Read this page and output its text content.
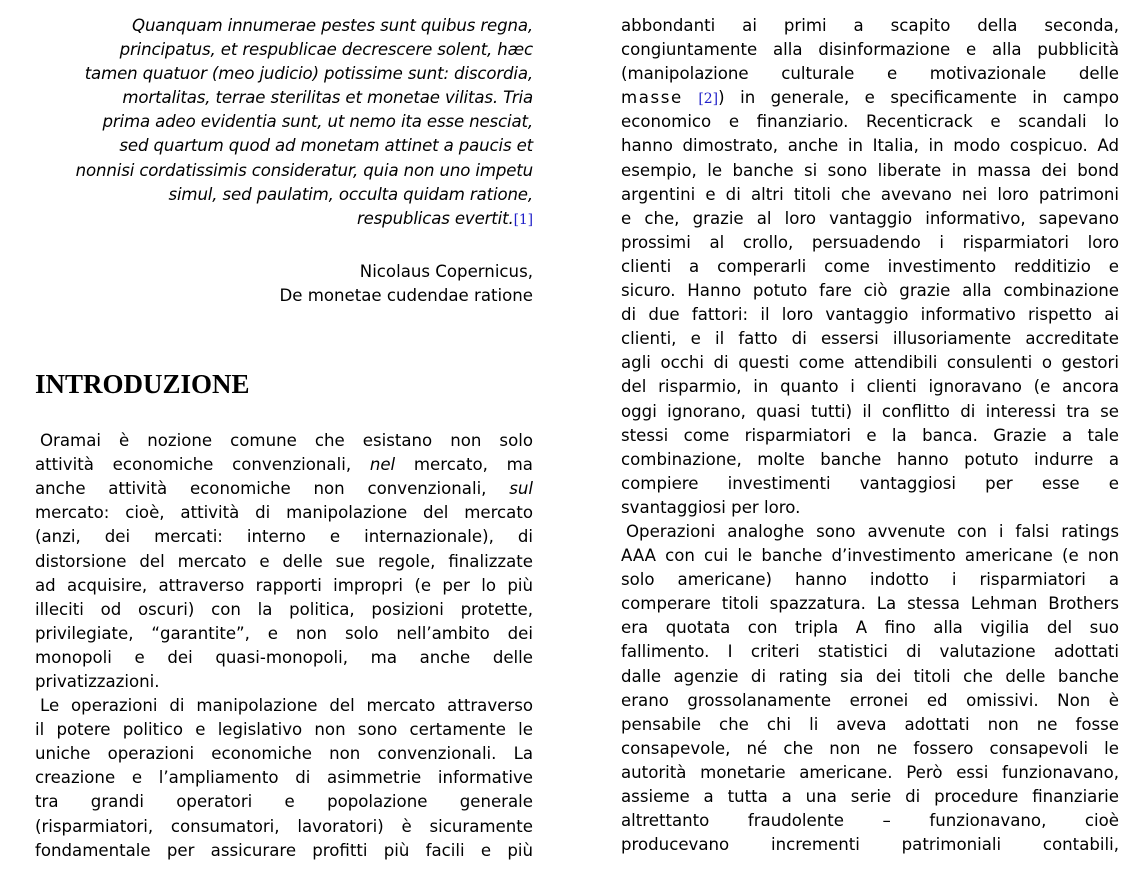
Quanquam innumerae pestes sunt quibus regna,
principatus, et respublicae decrescere solent, hæc
tamen quatuor (meo judicio) potissime sunt: discordia,
mortalitas, terrae sterilitas et monetae vilitas. Tria
prima adeo evidentia sunt, ut nemo ita esse nesciat,
sed quartum quod ad monetam attinet a paucis et
nonnisi cordatissimis consideratur, quia non uno impetu
simul, sed paulatim, occulta quidam ratione,
respublicas evertit.[1]
Nicolaus Copernicus,
De monetae cudendae ratione
INTRODUZIONE
Oramai è nozione comune che esistano non solo
attività economiche convenzionali, nel mercato, ma
anche attività economiche non convenzionali, sul
mercato: cioè, attività di manipolazione del mercato
(anzi, dei mercati: interno e internazionale), di
distorsione del mercato e delle sue regole, finalizzate
ad acquisire, attraverso rapporti impropri (e per lo più
illeciti od oscuri) con la politica, posizioni protette,
privilegiate, “garantite”, e non solo nell’ambito dei
monopoli e dei quasi-monopoli, ma anche delle
privatizzazioni.
Le operazioni di manipolazione del mercato attraverso
il potere politico e legislativo non sono certamente le
uniche operazioni economiche non convenzionali. La
creazione e l’ampliamento di asimmetrie informative
tra grandi operatori e popolazione generale
(risparmiatori, consumatori, lavoratori) è sicuramente
fondamentale per assicurare profitti più facili e più
abbondanti ai primi a scapito della seconda,
congiuntamente alla disinformazione e alla pubblicità
(manipolazione culturale e motivazionale delle
masse [2]) in generale, e specificamente in campo
economico e finanziario. Recenticrack e scandali lo
hanno dimostrato, anche in Italia, in modo cospicuo. Ad
esempio, le banche si sono liberate in massa dei bond
argentini e di altri titoli che avevano nei loro patrimoni
e che, grazie al loro vantaggio informativo, sapevano
prossimi al crollo, persuadendo i risparmiatori loro
clienti a comperarli come investimento redditizio e
sicuro. Hanno potuto fare ciò grazie alla combinazione
di due fattori: il loro vantaggio informativo rispetto ai
clienti, e il fatto di essersi illusoriamente accreditate
agli occhi di questi come attendibili consulenti o gestori
del risparmio, in quanto i clienti ignoravano (e ancora
oggi ignorano, quasi tutti) il conflitto di interessi tra se
stessi come risparmiatori e la banca. Grazie a tale
combinazione, molte banche hanno potuto indurre a
compiere investimenti vantaggiosi per esse e
svantaggiosi per loro.
Operazioni analoghe sono avvenute con i falsi ratings
AAA con cui le banche d’investimento americane (e non
solo americane) hanno indotto i risparmiatori a
comperare titoli spazzatura. La stessa Lehman Brothers
era quotata con tripla A fino alla vigilia del suo
fallimento. I criteri statistici di valutazione adottati
dalle agenzie di rating sia dei titoli che delle banche
erano grossolanamente erronei ed omissivi. Non è
pensabile che chi li aveva adottati non ne fosse
consapevole, né che non ne fossero consapevoli le
autorità monetarie americane. Però essi funzionavano,
assieme a tutta a una serie di procedure finanziarie
altrettanto fraudolente – funzionavano, cioè
producevano incrementi patrimoniali contabili,
